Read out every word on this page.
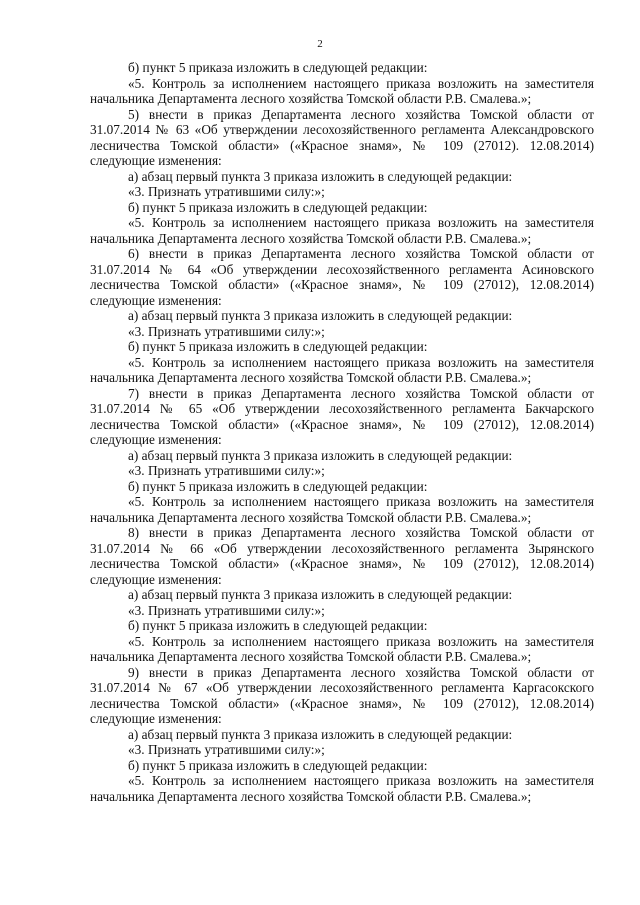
2

б) пункт 5 приказа изложить в следующей редакции:

«5. Контроль за исполнением настоящего приказа возложить на заместителя начальника Департамента лесного хозяйства Томской области Р.В. Смалева.»;

5) внести в приказ Департамента лесного хозяйства Томской области от 31.07.2014 № 63 «Об утверждении лесохозяйственного регламента Александровского лесничества Томской области» («Красное знамя», № 109 (27012). 12.08.2014) следующие изменения:

а) абзац первый пункта 3 приказа изложить в следующей редакции:

«3. Признать утратившими силу:»;

б) пункт 5 приказа изложить в следующей редакции:

«5. Контроль за исполнением настоящего приказа возложить на заместителя начальника Департамента лесного хозяйства Томской области Р.В. Смалева.»;

6) внести в приказ Департамента лесного хозяйства Томской области от 31.07.2014 № 64 «Об утверждении лесохозяйственного регламента Асиновского лесничества Томской области» («Красное знамя», № 109 (27012), 12.08.2014) следующие изменения:

а) абзац первый пункта 3 приказа изложить в следующей редакции:

«3. Признать утратившими силу:»;

б) пункт 5 приказа изложить в следующей редакции:

«5. Контроль за исполнением настоящего приказа возложить на заместителя начальника Департамента лесного хозяйства Томской области Р.В. Смалева.»;

7) внести в приказ Департамента лесного хозяйства Томской области от 31.07.2014 № 65 «Об утверждении лесохозяйственного регламента Бакчарского лесничества Томской области» («Красное знамя», № 109 (27012), 12.08.2014) следующие изменения:

а) абзац первый пункта 3 приказа изложить в следующей редакции:

«3. Признать утратившими силу:»;

б) пункт 5 приказа изложить в следующей редакции:

«5. Контроль за исполнением настоящего приказа возложить на заместителя начальника Департамента лесного хозяйства Томской области Р.В. Смалева.»;

8) внести в приказ Департамента лесного хозяйства Томской области от 31.07.2014 № 66 «Об утверждении лесохозяйственного регламента Зырянского лесничества Томской области» («Красное знамя», № 109 (27012), 12.08.2014) следующие изменения:

а) абзац первый пункта 3 приказа изложить в следующей редакции:

«3. Признать утратившими силу:»;

б) пункт 5 приказа изложить в следующей редакции:

«5. Контроль за исполнением настоящего приказа возложить на заместителя начальника Департамента лесного хозяйства Томской области Р.В. Смалева.»;

9) внести в приказ Департамента лесного хозяйства Томской области от 31.07.2014 № 67 «Об утверждении лесохозяйственного регламента Каргасокского лесничества Томской области» («Красное знамя», № 109 (27012), 12.08.2014) следующие изменения:

а) абзац первый пункта 3 приказа изложить в следующей редакции:

«3. Признать утратившими силу:»;

б) пункт 5 приказа изложить в следующей редакции:

«5. Контроль за исполнением настоящего приказа возложить на заместителя начальника Департамента лесного хозяйства Томской области Р.В. Смалева.»;
